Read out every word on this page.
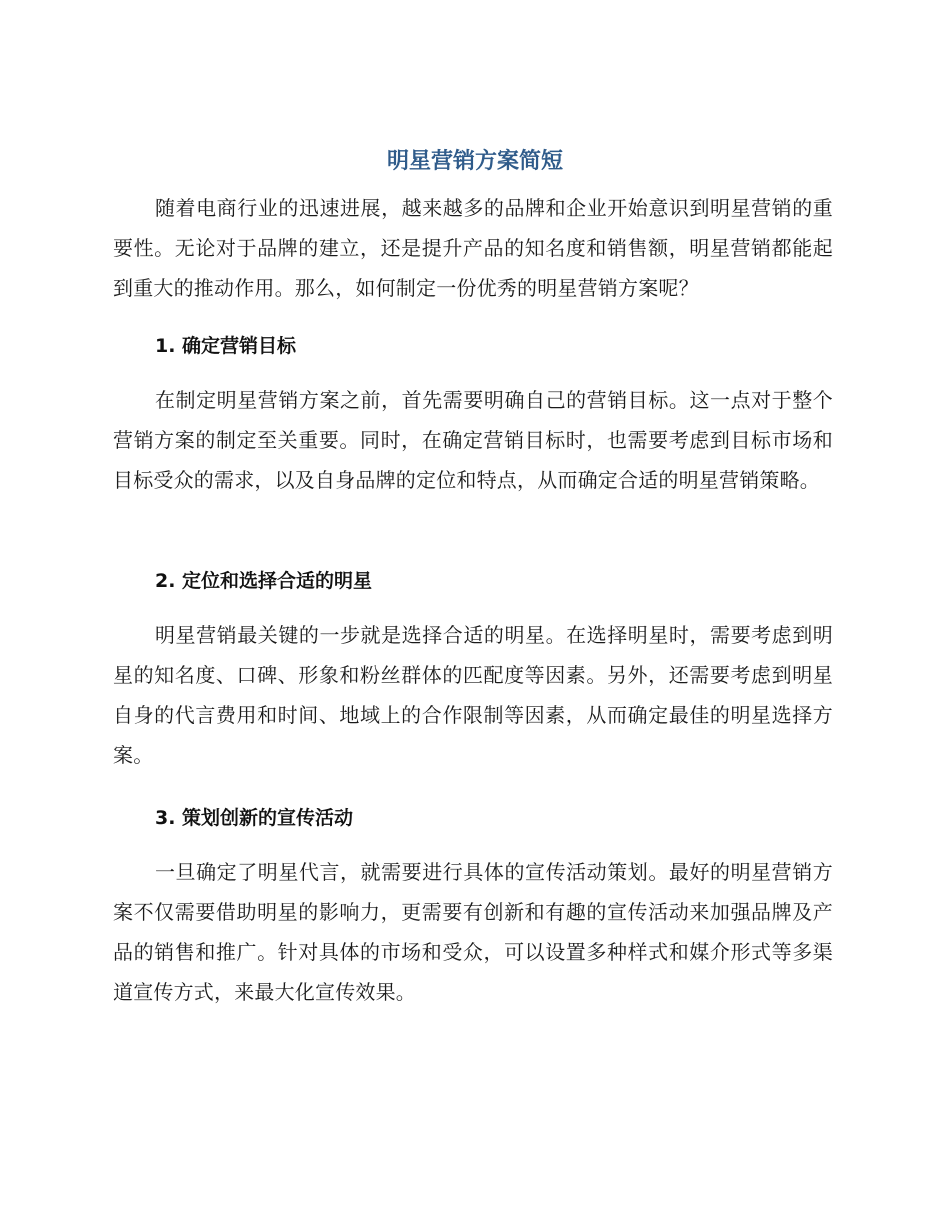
明星营销方案简短

随着电商行业的迅速进展，越来越多的品牌和企业开始意识到明星营销的重要性。无论对于品牌的建立，还是提升产品的知名度和销售额，明星营销都能起到重大的推动作用。那么，如何制定一份优秀的明星营销方案呢？

1. 确定营销目标

在制定明星营销方案之前，首先需要明确自己的营销目标。这一点对于整个营销方案的制定至关重要。同时，在确定营销目标时，也需要考虑到目标市场和目标受众的需求，以及自身品牌的定位和特点，从而确定合适的明星营销策略。

2. 定位和选择合适的明星

明星营销最关键的一步就是选择合适的明星。在选择明星时，需要考虑到明星的知名度、口碑、形象和粉丝群体的匹配度等因素。另外，还需要考虑到明星自身的代言费用和时间、地域上的合作限制等因素，从而确定最佳的明星选择方案。

3. 策划创新的宣传活动

一旦确定了明星代言，就需要进行具体的宣传活动策划。最好的明星营销方案不仅需要借助明星的影响力，更需要有创新和有趣的宣传活动来加强品牌及产品的销售和推广。针对具体的市场和受众，可以设置多种样式和媒介形式等多渠道宣传方式，来最大化宣传效果。
